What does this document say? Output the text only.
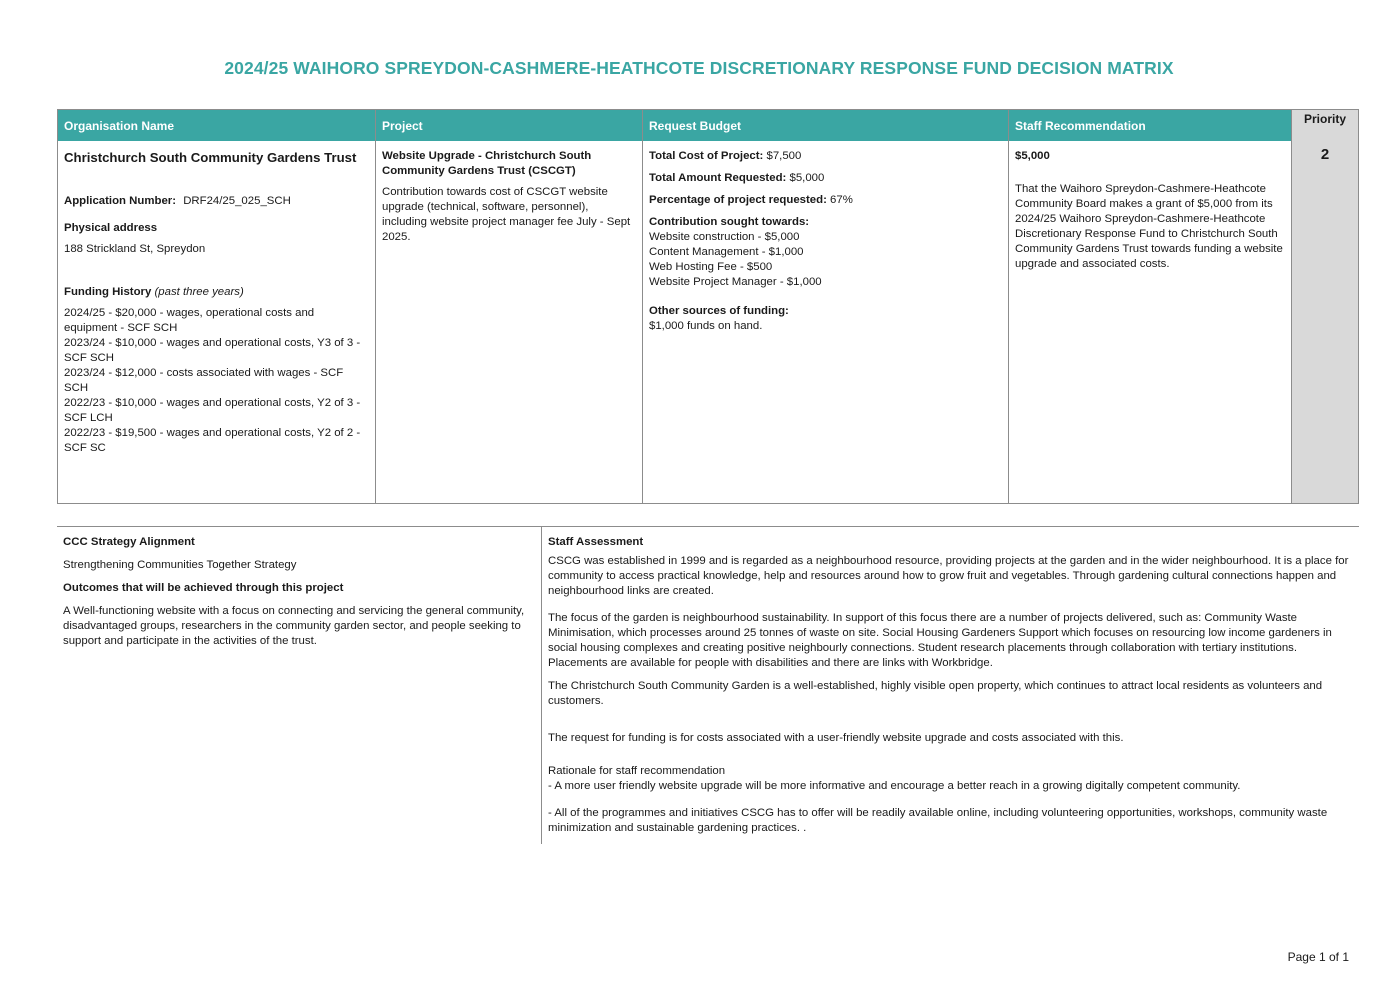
2024/25 WAIHORO SPREYDON-CASHMERE-HEATHCOTE DISCRETIONARY RESPONSE FUND DECISION MATRIX
Organisation Name
Christchurch South Community Gardens Trust
Application Number: DRF24/25_025_SCH
Physical address
188 Strickland St, Spreydon
Funding History (past three years)
2024/25 - $20,000 - wages, operational costs and equipment - SCF SCH
2023/24 - $10,000 - wages and operational costs, Y3 of 3 - SCF SCH
2023/24 - $12,000 - costs associated with wages - SCF SCH
2022/23 - $10,000 - wages and operational costs, Y2 of 3 - SCF LCH
2022/23 - $19,500 - wages and operational costs, Y2 of 2 - SCF SC
Project
Website Upgrade - Christchurch South Community Gardens Trust (CSCGT)
Contribution towards cost of CSCGT website upgrade (technical, software, personnel), including website project manager fee July - Sept 2025.
Request Budget
Total Cost of Project: $7,500
Total Amount Requested: $5,000
Percentage of project requested: 67%
Contribution sought towards:
Website construction - $5,000
Content Management - $1,000
Web Hosting Fee - $500
Website Project Manager - $1,000
Other sources of funding:
$1,000 funds on hand.
Staff Recommendation
$5,000
That the Waihoro Spreydon-Cashmere-Heathcote Community Board makes a grant of $5,000 from its 2024/25 Waihoro Spreydon-Cashmere-Heathcote Discretionary Response Fund to Christchurch South Community Gardens Trust towards funding a website upgrade and associated costs.
Priority
2
CCC Strategy Alignment
Strengthening Communities Together Strategy
Outcomes that will be achieved through this project
A Well-functioning website with a focus on connecting and servicing the general community, disadvantaged groups, researchers in the community garden sector, and people seeking to support and participate in the activities of the trust.
Staff Assessment
CSCG was established in 1999 and is regarded as a neighbourhood resource, providing projects at the garden and in the wider neighbourhood. It is a place for community to access practical knowledge, help and resources around how to grow fruit and vegetables. Through gardening cultural connections happen and neighbourhood links are created.
The focus of the garden is neighbourhood sustainability. In support of this focus there are a number of projects delivered, such as: Community Waste Minimisation, which processes around 25 tonnes of waste on site. Social Housing Gardeners Support which focuses on resourcing low income gardeners in social housing complexes and creating positive neighbourly connections. Student research placements through collaboration with tertiary institutions. Placements are available for people with disabilities and there are links with Workbridge.
The Christchurch South Community Garden is a well-established, highly visible open property, which continues to attract local residents as volunteers and customers.
The request for funding is for costs associated with a user-friendly website upgrade and costs associated with this.
Rationale for staff recommendation
- A more user friendly website upgrade will be more informative and encourage a better reach in a growing digitally competent community.
- All of the programmes and initiatives CSCG has to offer will be readily available online, including volunteering opportunities, workshops, community waste minimization and sustainable gardening practices. .
Page 1 of 1
